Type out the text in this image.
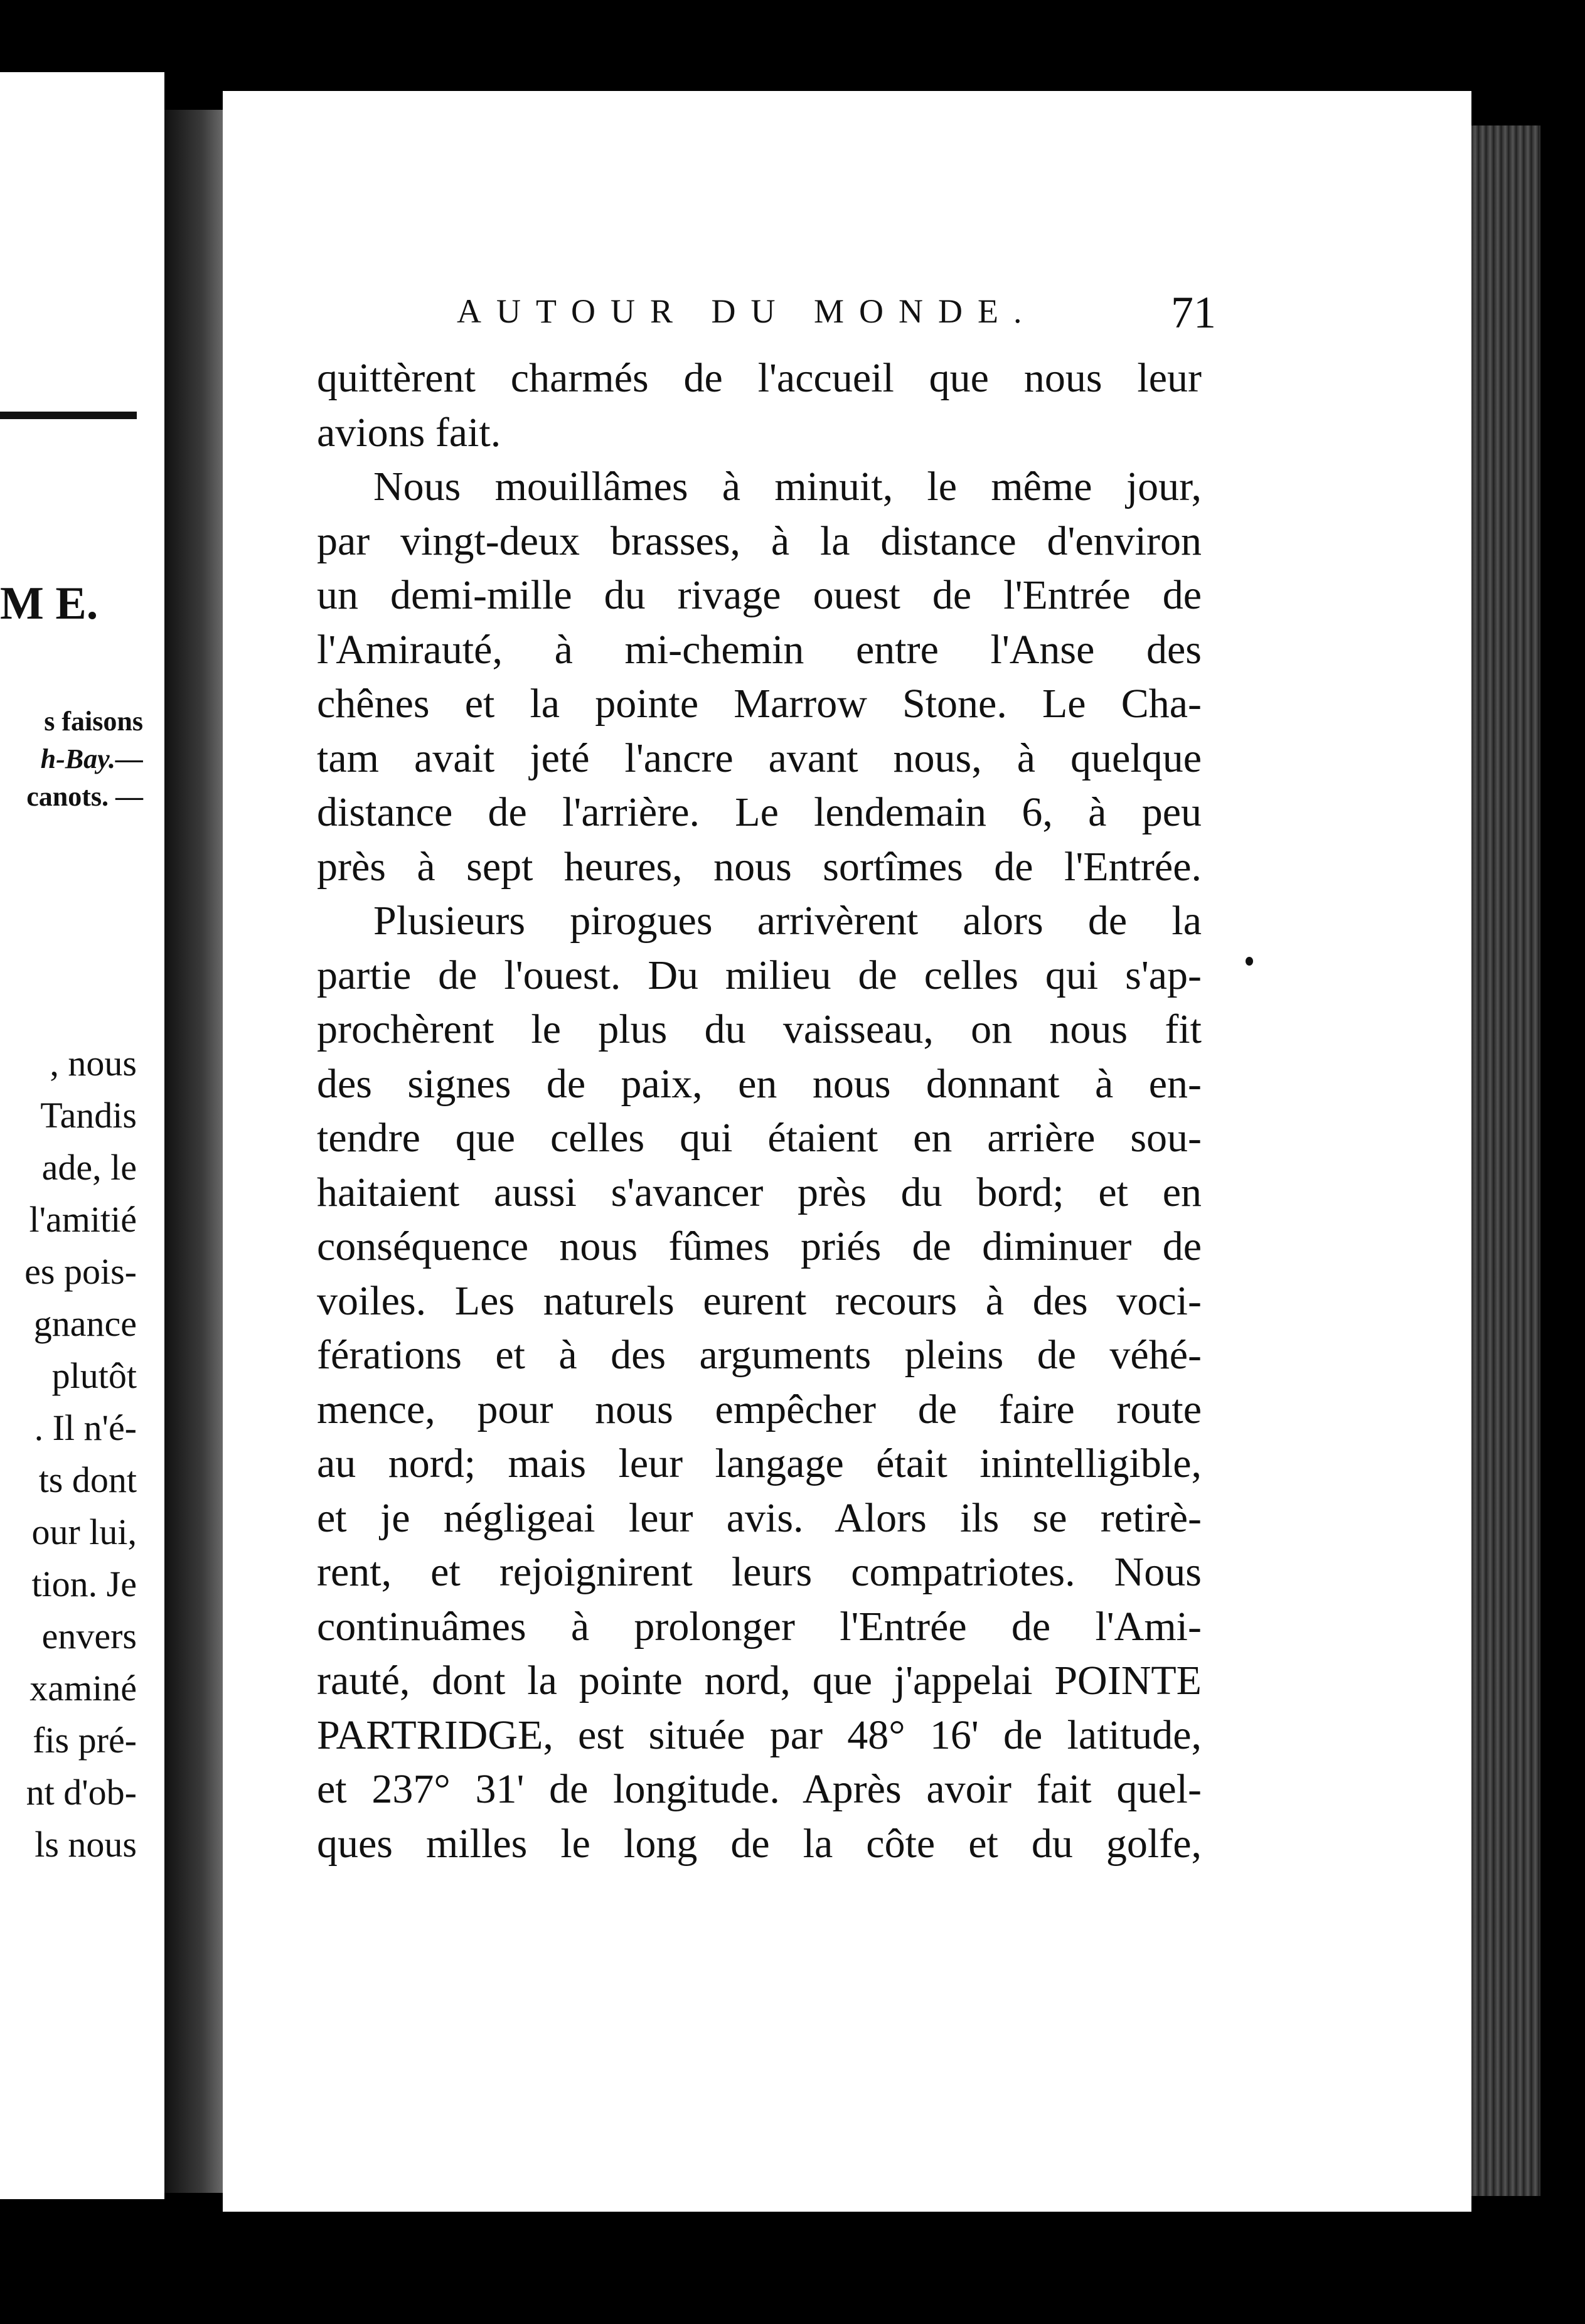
M E.
s faisons
h-Bay.—
canots. —
, nous
Tandis
ade, le
l'amitié
es pois-
gnance
plutôt
. Il n'é-
ts dont
our lui,
tion. Je
envers
xaminé
fis pré-
nt d'ob-
ls nous
AUTOUR DU MONDE.	71
quittèrent charmés de l'accueil que nous leur
avions fait.
Nous mouillâmes à minuit, le même jour,
par vingt-deux brasses, à la distance d'environ
un demi-mille du rivage ouest de l'Entrée de
l'Amirauté, à mi-chemin entre l'Anse des
chênes et la pointe Marrow Stone. Le Cha-
tam avait jeté l'ancre avant nous, à quelque
distance de l'arrière. Le lendemain 6, à peu
près à sept heures, nous sortîmes de l'Entrée.
Plusieurs pirogues arrivèrent alors de la
partie de l'ouest. Du milieu de celles qui s'ap-
prochèrent le plus du vaisseau, on nous fit
des signes de paix, en nous donnant à en-
tendre que celles qui étaient en arrière sou-
haitaient aussi s'avancer près du bord; et en
conséquence nous fûmes priés de diminuer de
voiles. Les naturels eurent recours à des voci-
férations et à des arguments pleins de véhé-
mence, pour nous empêcher de faire route
au nord; mais leur langage était inintelligible,
et je négligeai leur avis. Alors ils se retirè-
rent, et rejoignirent leurs compatriotes. Nous
continuâmes à prolonger l'Entrée de l'Ami-
rauté, dont la pointe nord, que j'appelai POINTE
PARTRIDGE, est située par 48° 16' de latitude,
et 237° 31' de longitude. Après avoir fait quel-
ques milles le long de la côte et du golfe,
